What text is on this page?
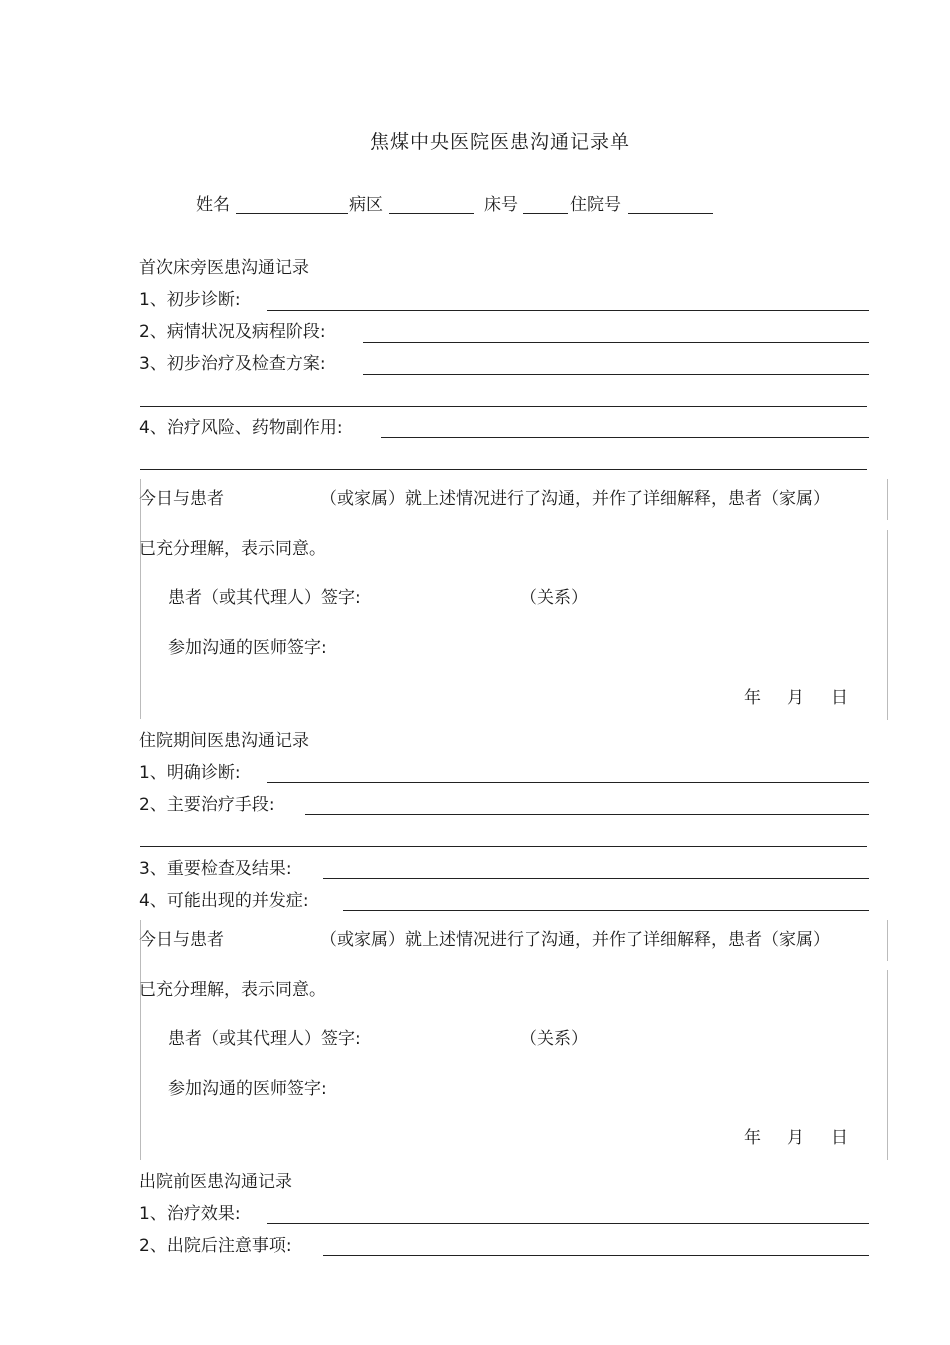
焦煤中央医院医患沟通记录单
姓名	病区	床号	住院号
首次床旁医患沟通记录
1、初步诊断:
2、病情状况及病程阶段:
3、初步治疗及检查方案:
4、治疗风险、药物副作用:
今日与患者	（或家属）就上述情况进行了沟通，并作了详细解释，患者（家属）
已充分理解，表示同意。
患者（或其代理人）签字:	（关系）
参加沟通的医师签字:
年 月 日
住院期间医患沟通记录
1、明确诊断:
2、主要治疗手段:
3、重要检查及结果:
4、可能出现的并发症:
今日与患者	（或家属）就上述情况进行了沟通，并作了详细解释，患者（家属）
已充分理解，表示同意。
患者（或其代理人）签字:	（关系）
参加沟通的医师签字:
年 月 日
出院前医患沟通记录
1、治疗效果:
2、出院后注意事项:
